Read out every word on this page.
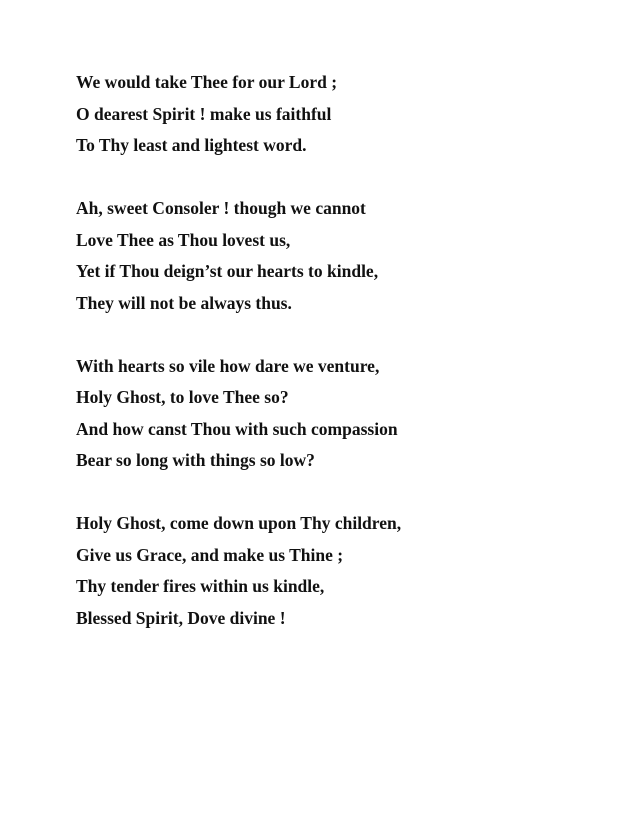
We would take Thee for our Lord ;
O dearest Spirit ! make us faithful
To Thy least and lightest word.
Ah, sweet Consoler ! though we cannot
Love Thee as Thou lovest us,
Yet if Thou deign’st our hearts to kindle,
They will not be always thus.
With hearts so vile how dare we venture,
Holy Ghost, to love Thee so?
And how canst Thou with such compassion
Bear so long with things so low?
Holy Ghost, come down upon Thy children,
Give us Grace, and make us Thine ;
Thy tender fires within us kindle,
Blessed Spirit, Dove divine !
